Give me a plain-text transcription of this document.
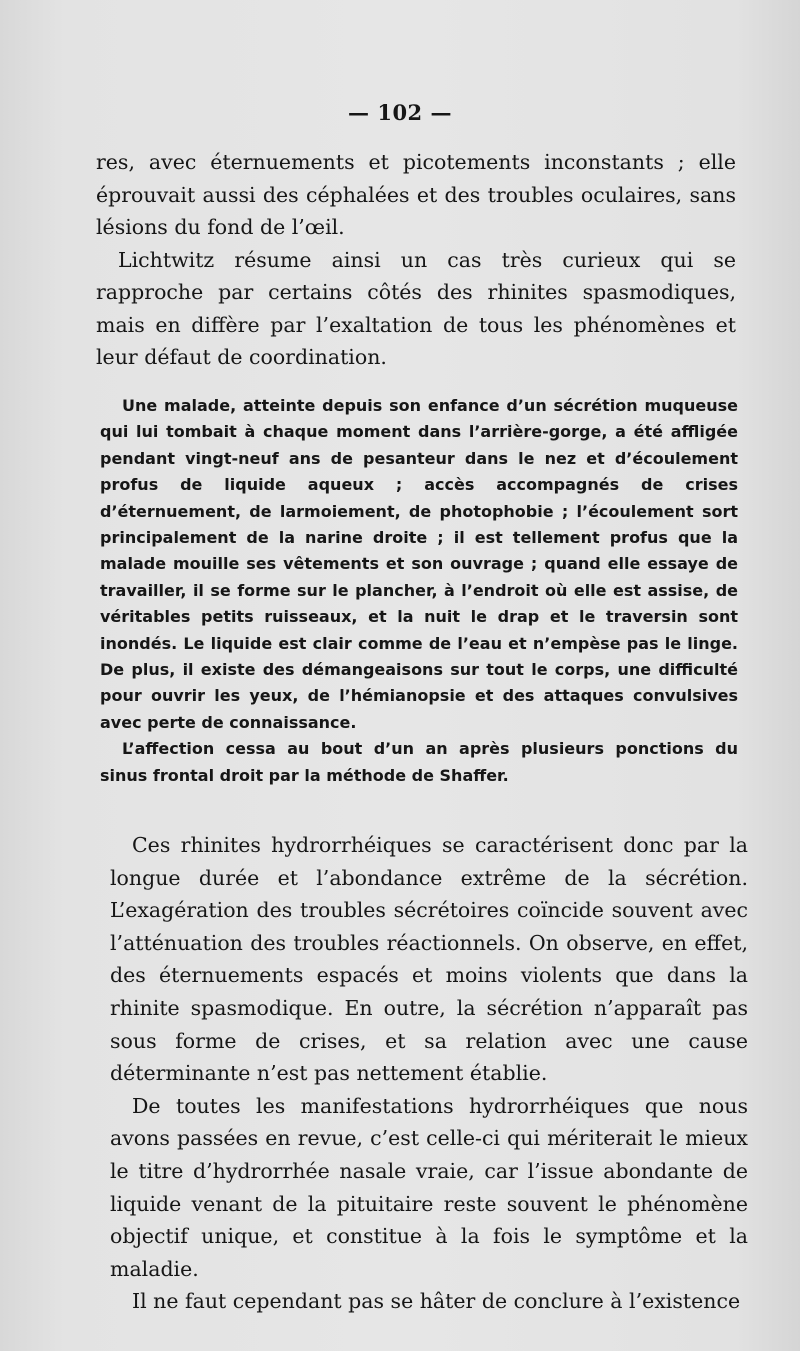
— 102 —

res, avec éternuements et picotements inconstants ; elle éprouvait aussi des céphalées et des troubles oculaires, sans lésions du fond de l’œil.

Lichtwitz résume ainsi un cas très curieux qui se rapproche par certains côtés des rhinites spasmodiques, mais en diffère par l’exaltation de tous les phénomènes et leur défaut de coordination.

Une malade, atteinte depuis son enfance d’un sécrétion muqueuse qui lui tombait à chaque moment dans l’arrière-gorge, a été affligée pendant vingt-neuf ans de pesanteur dans le nez et d’écoulement profus de liquide aqueux ; accès accompagnés de crises d’éternuement, de larmoiement, de photophobie ; l’écoulement sort principalement de la narine droite ; il est tellement profus que la malade mouille ses vêtements et son ouvrage ; quand elle essaye de travailler, il se forme sur le plancher, à l’endroit où elle est assise, de véritables petits ruisseaux, et la nuit le drap et le traversin sont inondés. Le liquide est clair comme de l’eau et n’empèse pas le linge. De plus, il existe des démangeaisons sur tout le corps, une difficulté pour ouvrir les yeux, de l’hémianopsie et des attaques convulsives avec perte de connaissance.

L’affection cessa au bout d’un an après plusieurs ponctions du sinus frontal droit par la méthode de Shaffer.

Ces rhinites hydrorrhéiques se caractérisent donc par la longue durée et l’abondance extrême de la sécrétion. L’exagération des troubles sécrétoires coïncide souvent avec l’atténuation des troubles réactionnels. On observe, en effet, des éternuements espacés et moins violents que dans la rhinite spasmodique. En outre, la sécrétion n’apparaît pas sous forme de crises, et sa relation avec une cause déterminante n’est pas nettement établie.

De toutes les manifestations hydrorrhéiques que nous avons passées en revue, c’est celle-ci qui mériterait le mieux le titre d’hydrorrhée nasale vraie, car l’issue abondante de liquide venant de la pituitaire reste souvent le phénomène objectif unique, et constitue à la fois le symptôme et la maladie.

Il ne faut cependant pas se hâter de conclure à l’existence
